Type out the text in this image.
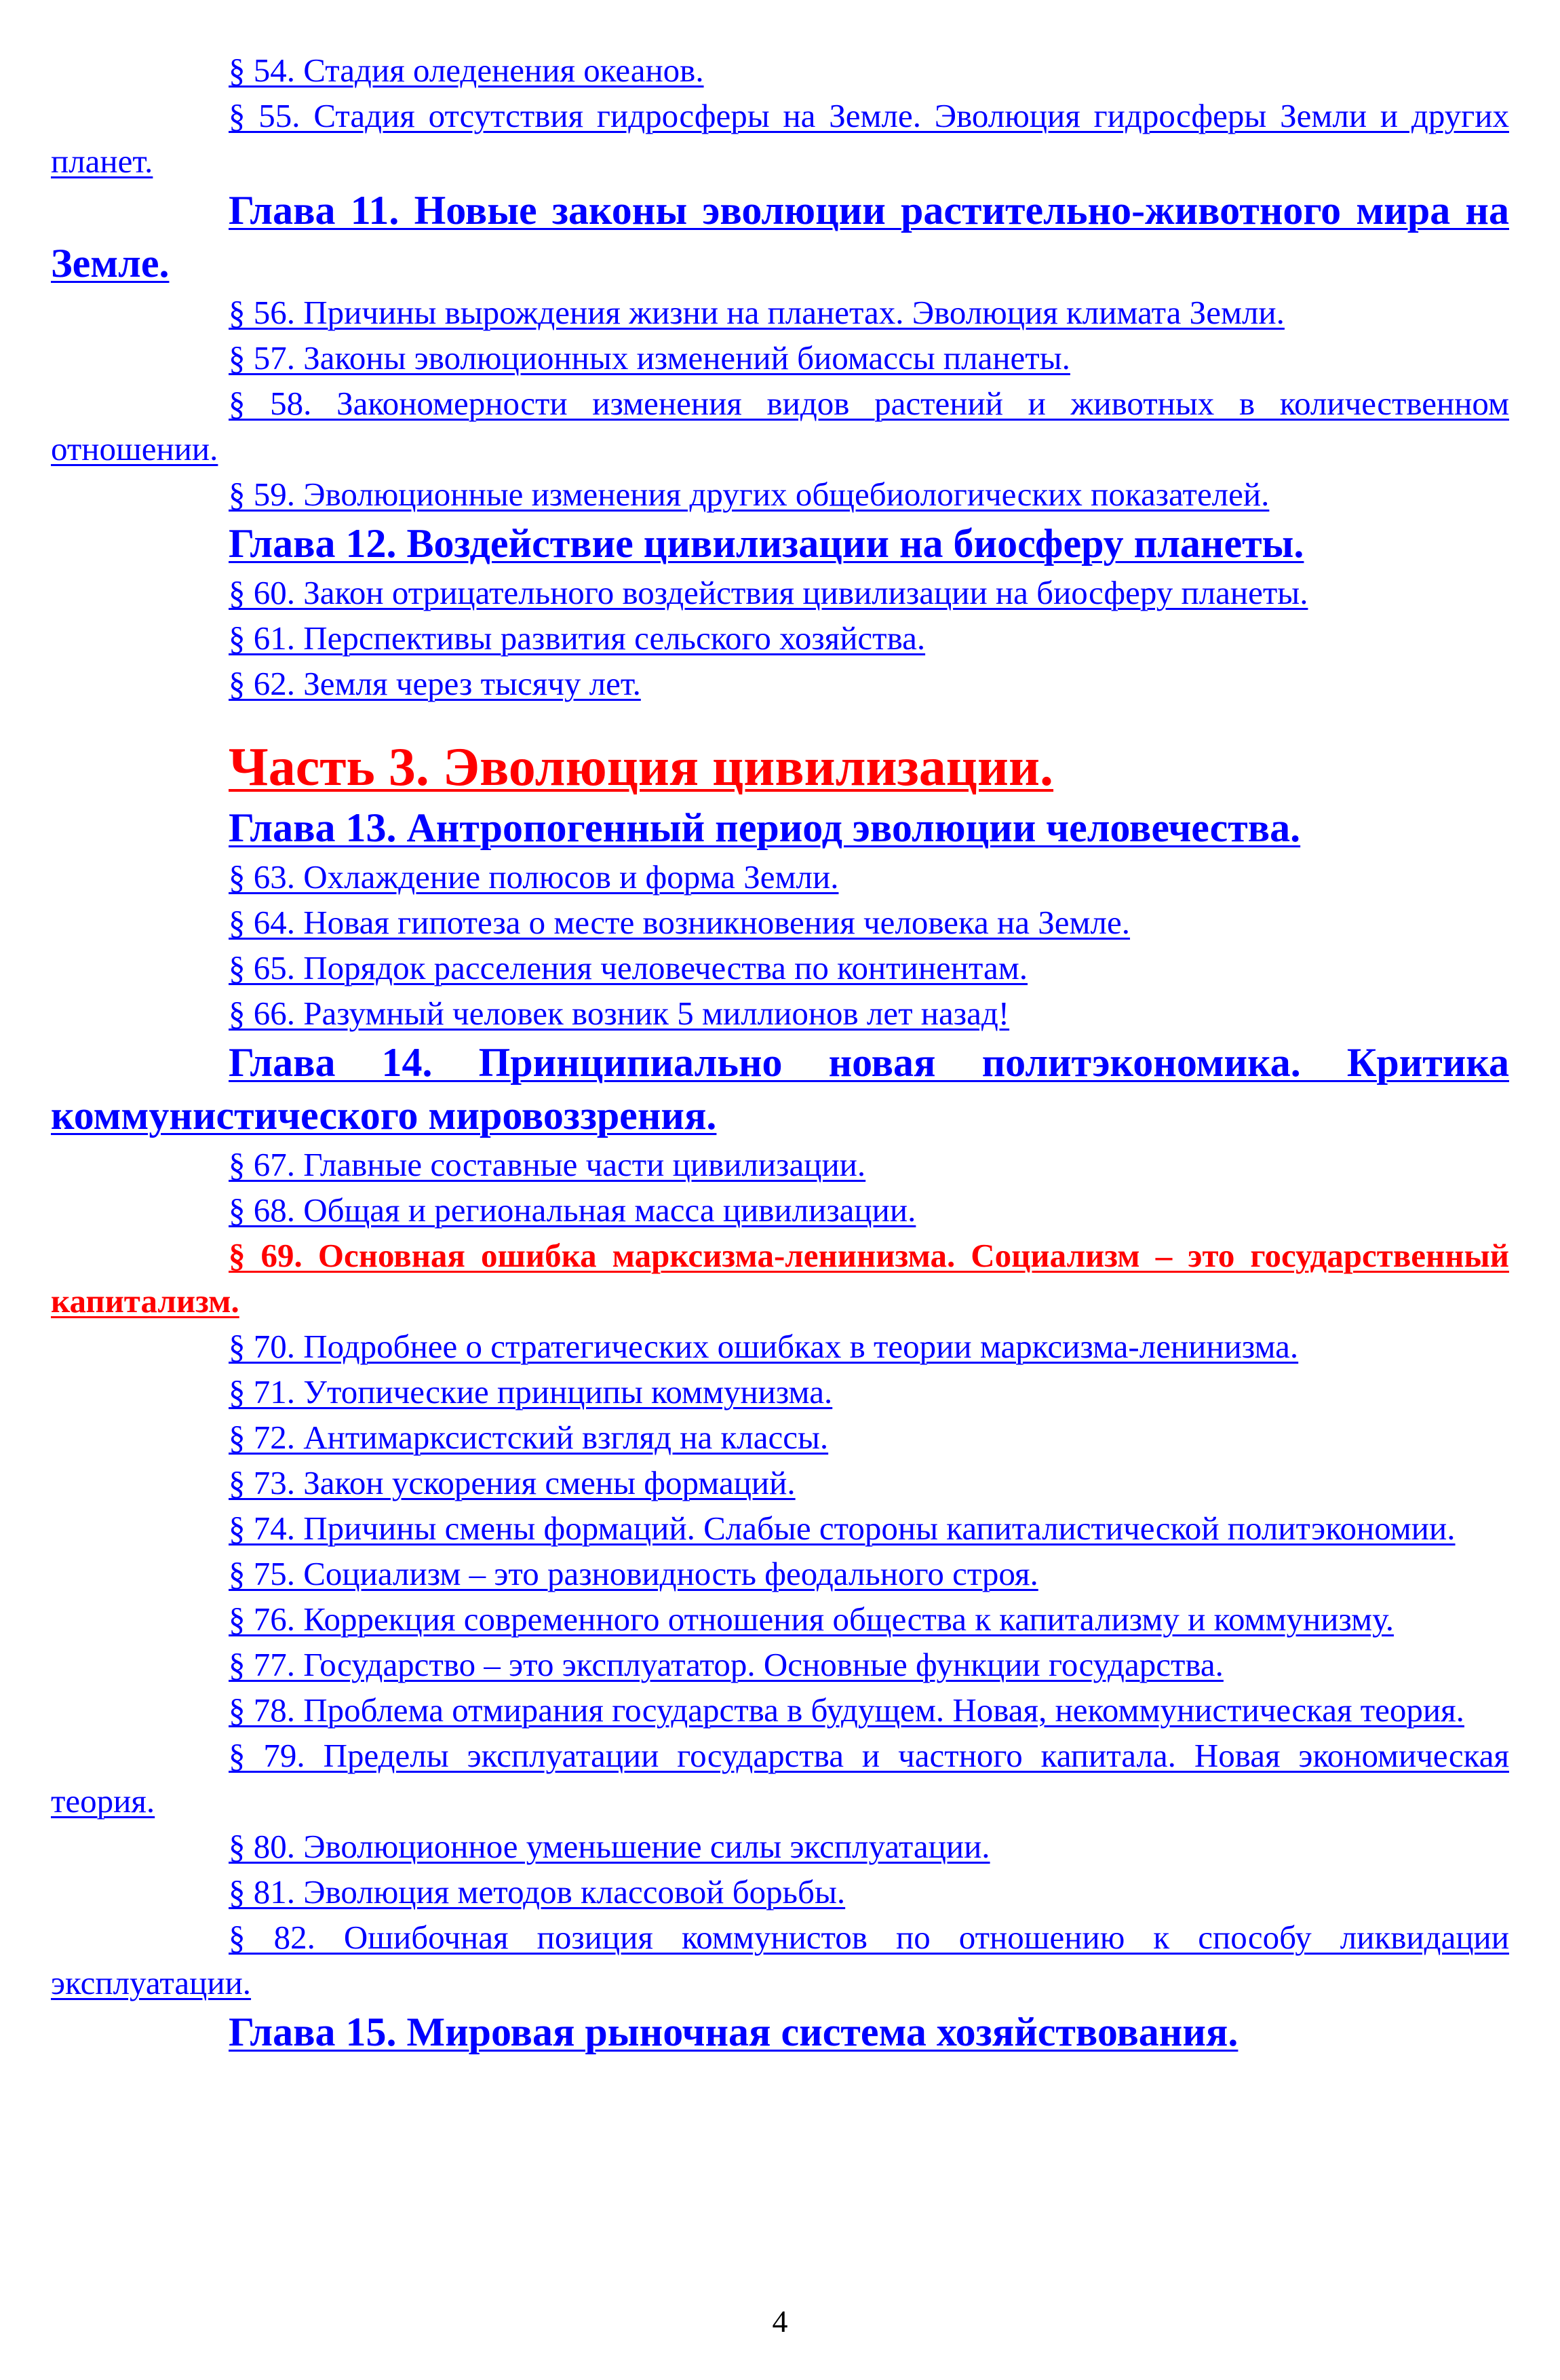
§ 54. Стадия оледенения океанов.

§ 55. Стадия отсутствия гидросферы на Земле. Эволюция гидросферы Земли и других планет.

Глава 11. Новые законы эволюции растительно-животного мира на Земле.

§ 56. Причины вырождения жизни на планетах. Эволюция климата Земли.

§ 57. Законы эволюционных изменений биомассы планеты.

§ 58. Закономерности изменения видов растений и животных в количественном отношении.

§ 59. Эволюционные изменения других общебиологических показателей.

Глава 12. Воздействие цивилизации на биосферу планеты.

§ 60. Закон отрицательного воздействия цивилизации на биосферу планеты.

§ 61. Перспективы развития сельского хозяйства.

§ 62. Земля через тысячу лет.

Часть 3. Эволюция цивилизации.

Глава 13. Антропогенный период эволюции человечества.

§ 63. Охлаждение полюсов и форма Земли.

§ 64. Новая гипотеза о месте возникновения человека на Земле.

§ 65. Порядок расселения человечества по континентам.

§ 66. Разумный человек возник 5 миллионов лет назад!

Глава 14. Принципиально новая политэкономика. Критика коммунистического мировоззрения.

§ 67. Главные составные части цивилизации.

§ 68. Общая и региональная масса цивилизации.

§ 69. Основная ошибка марксизма-ленинизма. Социализм – это государственный капитализм.

§ 70. Подробнее о стратегических ошибках в теории марксизма-ленинизма.

§ 71. Утопические принципы коммунизма.

§ 72. Антимарксистский взгляд на классы.

§ 73. Закон ускорения смены формаций.

§ 74. Причины смены формаций. Слабые стороны капиталистической политэкономии.

§ 75. Социализм – это разновидность феодального строя.

§ 76. Коррекция современного отношения общества к капитализму и коммунизму.

§ 77. Государство – это эксплуататор. Основные функции государства.

§ 78. Проблема отмирания государства в будущем. Новая, некоммунистическая теория.

§ 79. Пределы эксплуатации государства и частного капитала. Новая экономическая теория.

§ 80. Эволюционное уменьшение силы эксплуатации.

§ 81. Эволюция методов классовой борьбы.

§ 82. Ошибочная позиция коммунистов по отношению к способу ликвидации эксплуатации.

Глава 15. Мировая рыночная система хозяйствования.

4
